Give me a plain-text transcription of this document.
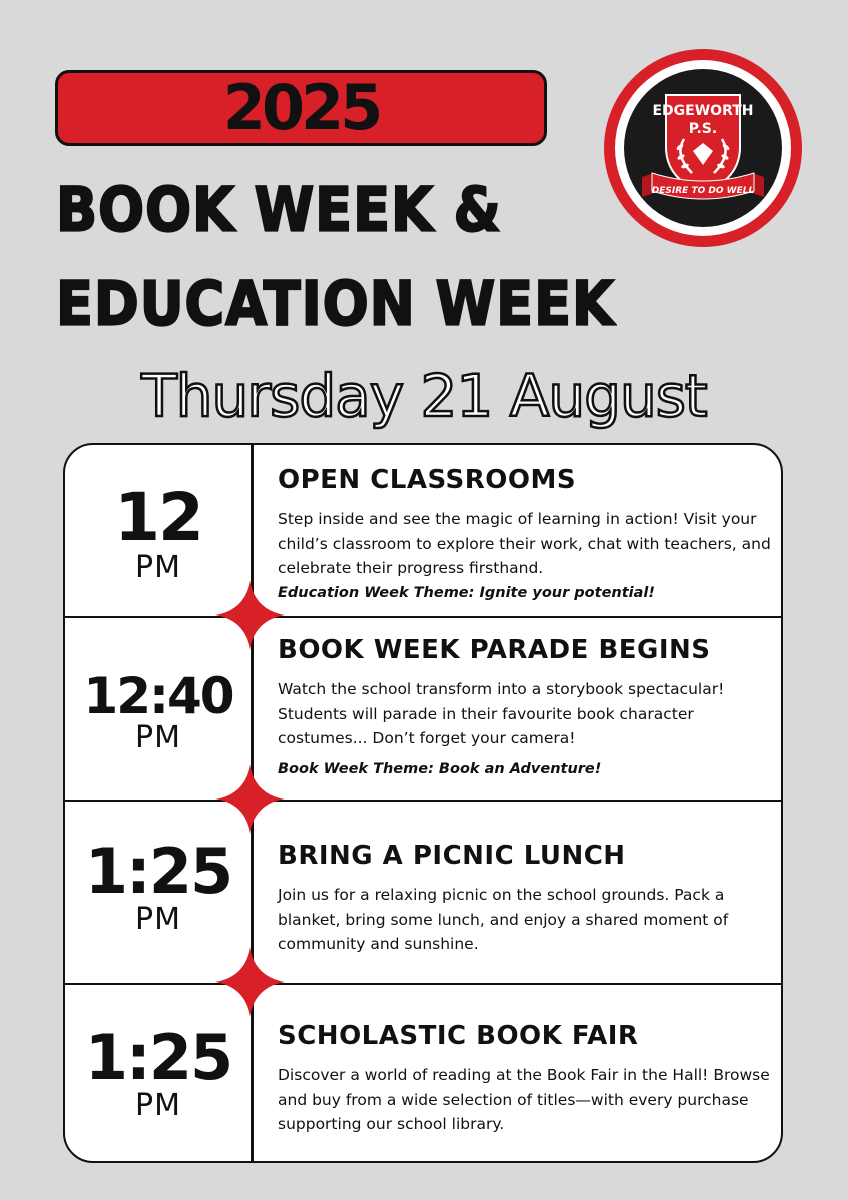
2025
BOOK WEEK &
EDUCATION WEEK
Thursday 21 August
EDGEWORTH
P.S.
DESIRE TO DO WELL
12
PM
OPEN CLASSROOMS
Step inside and see the magic of learning in action! Visit your child’s classroom to explore their work, chat with teachers, and celebrate their progress firsthand.
Education Week Theme: Ignite your potential!
12:40
PM
BOOK WEEK PARADE BEGINS
Watch the school transform into a storybook spectacular! Students will parade in their favourite book character costumes... Don’t forget your camera!
Book Week Theme: Book an Adventure!
1:25
PM
BRING A PICNIC LUNCH
Join us for a relaxing picnic on the school grounds. Pack a blanket, bring some lunch, and enjoy a shared moment of community and sunshine.
1:25
PM
SCHOLASTIC BOOK FAIR
Discover a world of reading at the Book Fair in the Hall! Browse and buy from a wide selection of titles—with every purchase supporting our school library.
